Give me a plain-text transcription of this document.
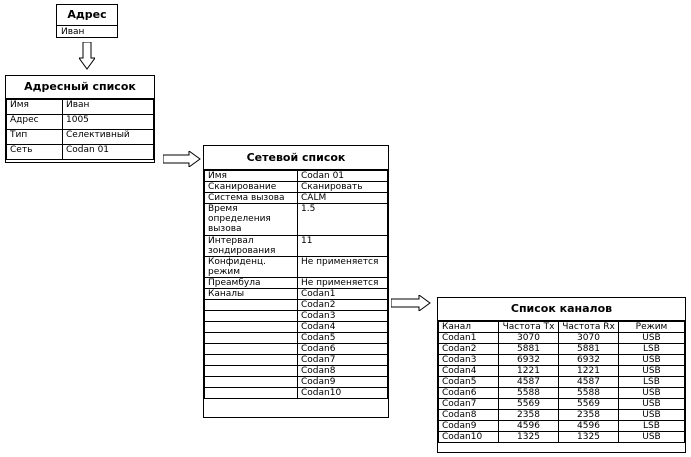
Адрес
Иван
Адресный список
Имя	Иван
Адрес	1005
Тип	Селективный
Сеть	Codan 01
Сетевой список
Имя	Codan 01
Сканирование	Сканировать
Система вызова	CALM
Время определения вызова	1.5
Интервал зондирования	11
Конфиденц. режим	Не применяется
Преамбула	Не применяется
Каналы	Codan1
	Codan2
	Codan3
	Codan4
	Codan5
	Codan6
	Codan7
	Codan8
	Codan9
	Codan10
Список каналов
Канал	Частота Tx	Частота Rx	Режим
Codan1	3070	3070	USB
Codan2	5881	5881	LSB
Codan3	6932	6932	USB
Codan4	1221	1221	USB
Codan5	4587	4587	LSB
Codan6	5588	5588	USB
Codan7	5569	5569	USB
Codan8	2358	2358	USB
Codan9	4596	4596	LSB
Codan10	1325	1325	USB
